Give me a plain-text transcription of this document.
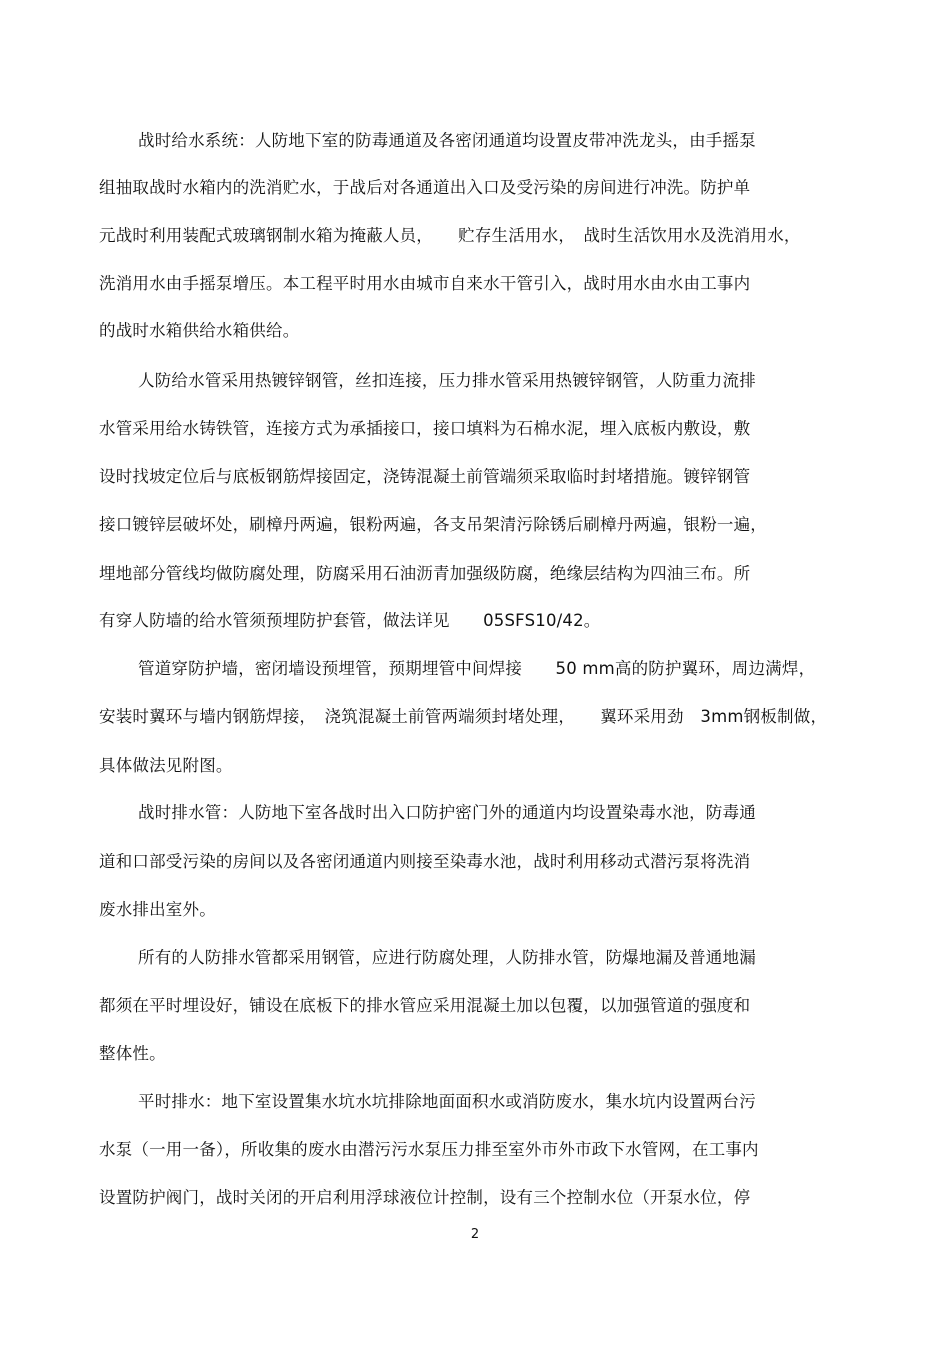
战时给水系统：人防地下室的防毒通道及各密闭通道均设置皮带冲洗龙头，由手摇泵
组抽取战时水箱内的洗消贮水，于战后对各通道出入口及受污染的房间进行冲洗。防护单
元战时利用装配式玻璃钢制水箱为掩蔽人员，　　贮存生活用水，　战时生活饮用水及洗消用水，
洗消用水由手摇泵增压。本工程平时用水由城市自来水干管引入，战时用水由水由工事内
的战时水箱供给水箱供给。
人防给水管采用热镀锌钢管，丝扣连接，压力排水管采用热镀锌钢管，人防重力流排
水管采用给水铸铁管，连接方式为承插接口，接口填料为石棉水泥，埋入底板内敷设，敷
设时找坡定位后与底板钢筋焊接固定，浇铸混凝土前管端须采取临时封堵措施。镀锌钢管
接口镀锌层破坏处，刷樟丹两遍，银粉两遍，各支吊架清污除锈后刷樟丹两遍，银粉一遍，
埋地部分管线均做防腐处理，防腐采用石油沥青加强级防腐，绝缘层结构为四油三布。所
有穿人防墙的给水管须预埋防护套管，做法详见　　05SFS10/42。
管道穿防护墙，密闭墙设预埋管，预期埋管中间焊接　　50 mm高的防护翼环，周边满焊，
安装时翼环与墙内钢筋焊接，　浇筑混凝土前管两端须封堵处理，　　翼环采用劲　3mm钢板制做，
具体做法见附图。
战时排水管：人防地下室各战时出入口防护密门外的通道内均设置染毒水池，防毒通
道和口部受污染的房间以及各密闭通道内则接至染毒水池，战时利用移动式潜污泵将洗消
废水排出室外。
所有的人防排水管都采用钢管，应进行防腐处理，人防排水管，防爆地漏及普通地漏
都须在平时埋设好，铺设在底板下的排水管应采用混凝土加以包覆，以加强管道的强度和
整体性。
平时排水：地下室设置集水坑水坑排除地面面积水或消防废水，集水坑内设置两台污
水泵（一用一备），所收集的废水由潜污污水泵压力排至室外市外市政下水管网，在工事内
设置防护阀门，战时关闭的开启利用浮球液位计控制，设有三个控制水位（开泵水位，停
2
